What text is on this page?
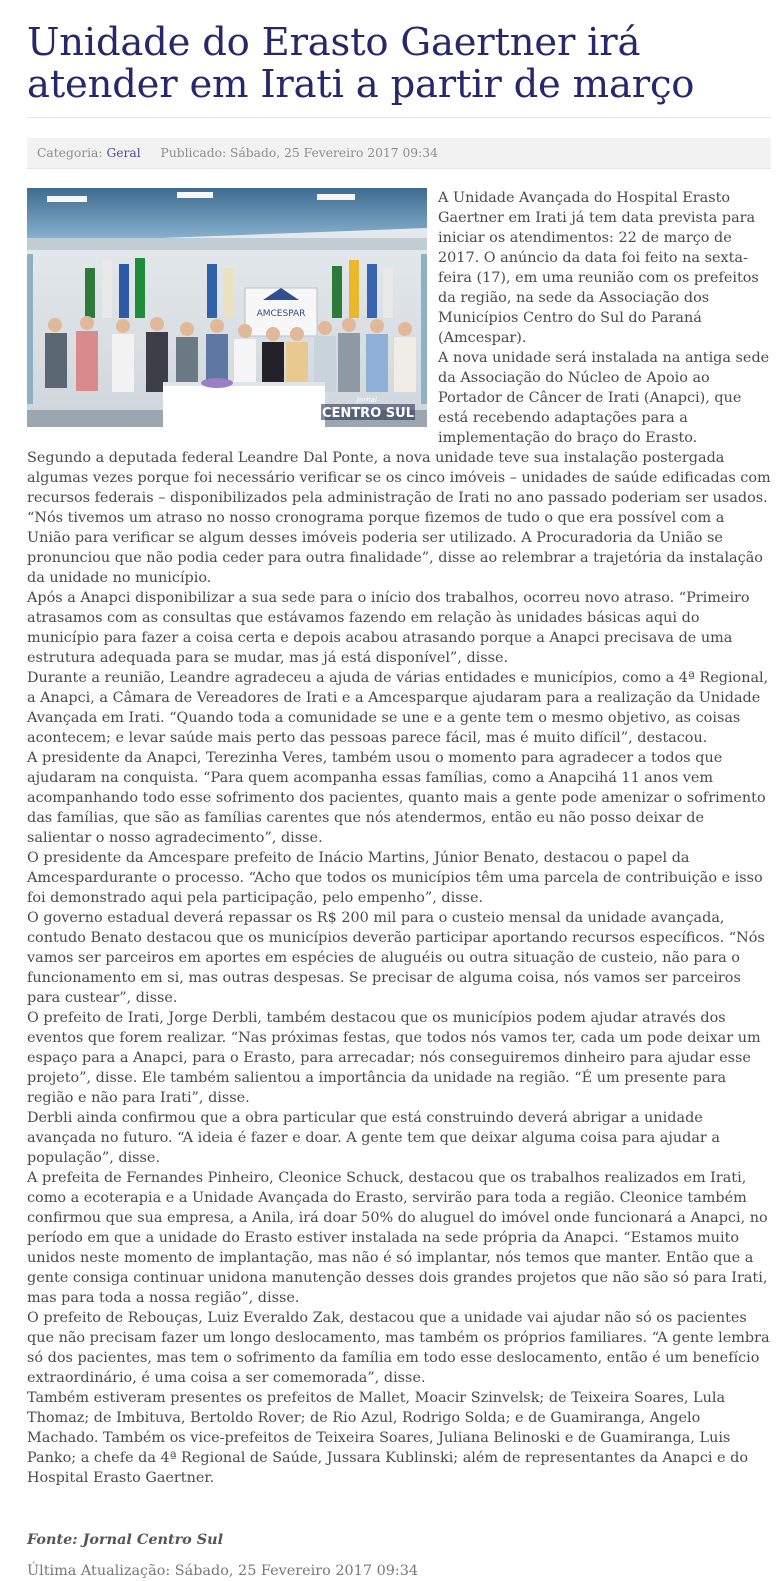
Unidade do Erasto Gaertner irá atender em Irati a partir de março
Categoria: Geral Publicado: Sábado, 25 Fevereiro 2017 09:34
AMCESPAR
Jornal
CENTRO SUL

A Unidade Avançada do Hospital Erasto Gaertner em Irati já tem data prevista para iniciar os atendimentos: 22 de março de 2017. O anúncio da data foi feito na sexta-feira (17), em uma reunião com os prefeitos da região, na sede da Associação dos Municípios Centro do Sul do Paraná (Amcespar).

A nova unidade será instalada na antiga sede da Associação do Núcleo de Apoio ao Portador de Câncer de Irati (Anapci), que está recebendo adaptações para a implementação do braço do Erasto.

Segundo a deputada federal Leandre Dal Ponte, a nova unidade teve sua instalação postergada algumas vezes porque foi necessário verificar se os cinco imóveis – unidades de saúde edificadas com recursos federais – disponibilizados pela administração de Irati no ano passado poderiam ser usados. “Nós tivemos um atraso no nosso cronograma porque fizemos de tudo o que era possível com a União para verificar se algum desses imóveis poderia ser utilizado. A Procuradoria da União se pronunciou que não podia ceder para outra finalidade”, disse ao relembrar a trajetória da instalação da unidade no município.

Após a Anapci disponibilizar a sua sede para o início dos trabalhos, ocorreu novo atraso. “Primeiro atrasamos com as consultas que estávamos fazendo em relação às unidades básicas aqui do município para fazer a coisa certa e depois acabou atrasando porque a Anapci precisava de uma estrutura adequada para se mudar, mas já está disponível”, disse.

Durante a reunião, Leandre agradeceu a ajuda de várias entidades e municípios, como a 4ª Regional, a Anapci, a Câmara de Vereadores de Irati e a Amcesparque ajudaram para a realização da Unidade Avançada em Irati. “Quando toda a comunidade se une e a gente tem o mesmo objetivo, as coisas acontecem; e levar saúde mais perto das pessoas parece fácil, mas é muito difícil”, destacou.

A presidente da Anapci, Terezinha Veres, também usou o momento para agradecer a todos que ajudaram na conquista. “Para quem acompanha essas famílias, como a Anapcihá 11 anos vem acompanhando todo esse sofrimento dos pacientes, quanto mais a gente pode amenizar o sofrimento das famílias, que são as famílias carentes que nós atendermos, então eu não posso deixar de salientar o nosso agradecimento”, disse.

O presidente da Amcespare prefeito de Inácio Martins, Júnior Benato, destacou o papel da Amcespardurante o processo. “Acho que todos os municípios têm uma parcela de contribuição e isso foi demonstrado aqui pela participação, pelo empenho”, disse.

O governo estadual deverá repassar os R$ 200 mil para o custeio mensal da unidade avançada, contudo Benato destacou que os municípios deverão participar aportando recursos específicos. “Nós vamos ser parceiros em aportes em espécies de aluguéis ou outra situação de custeio, não para o funcionamento em si, mas outras despesas. Se precisar de alguma coisa, nós vamos ser parceiros para custear”, disse.

O prefeito de Irati, Jorge Derbli, também destacou que os municípios podem ajudar através dos eventos que forem realizar. “Nas próximas festas, que todos nós vamos ter, cada um pode deixar um espaço para a Anapci, para o Erasto, para arrecadar; nós conseguiremos dinheiro para ajudar esse projeto”, disse. Ele também salientou a importância da unidade na região. “É um presente para região e não para Irati”, disse.

Derbli ainda confirmou que a obra particular que está construindo deverá abrigar a unidade avançada no futuro. “A ideia é fazer e doar. A gente tem que deixar alguma coisa para ajudar a população”, disse.

A prefeita de Fernandes Pinheiro, Cleonice Schuck, destacou que os trabalhos realizados em Irati, como a ecoterapia e a Unidade Avançada do Erasto, servirão para toda a região. Cleonice também confirmou que sua empresa, a Anila, irá doar 50% do aluguel do imóvel onde funcionará a Anapci, no período em que a unidade do Erasto estiver instalada na sede própria da Anapci. “Estamos muito unidos neste momento de implantação, mas não é só implantar, nós temos que manter. Então que a gente consiga continuar unidona manutenção desses dois grandes projetos que não são só para Irati, mas para toda a nossa região”, disse.

O prefeito de Rebouças, Luiz Everaldo Zak, destacou que a unidade vai ajudar não só os pacientes que não precisam fazer um longo deslocamento, mas também os próprios familiares. “A gente lembra só dos pacientes, mas tem o sofrimento da família em todo esse deslocamento, então é um benefício extraordinário, é uma coisa a ser comemorada”, disse.

Também estiveram presentes os prefeitos de Mallet, Moacir Szinvelsk; de Teixeira Soares, Lula Thomaz; de Imbituva, Bertoldo Rover; de Rio Azul, Rodrigo Solda; e de Guamiranga, Angelo Machado. Também os vice-prefeitos de Teixeira Soares, Juliana Belinoski e de Guamiranga, Luis Panko; a chefe da 4ª Regional de Saúde, Jussara Kublinski; além de representantes da Anapci e do Hospital Erasto Gaertner.

Fonte: Jornal Centro Sul
Última Atualização: Sábado, 25 Fevereiro 2017 09:34
